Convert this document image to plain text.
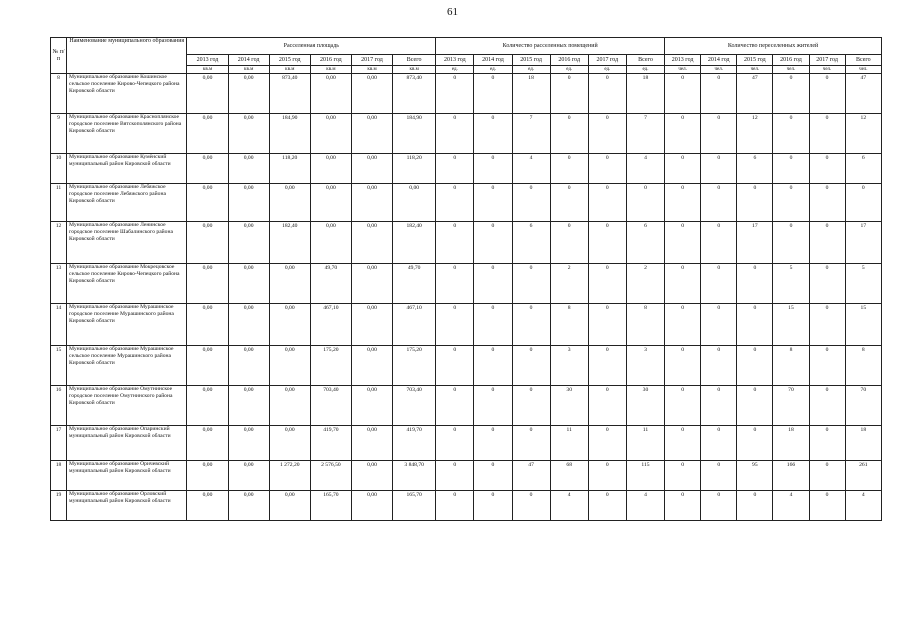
61
№ п/п	Наименование муниципального образования	Расселенная площадь						Количество расселенных помещений						Количество переселенных жителей					
		2013 год	2014 год	2015 год	2016 год	2017 год	Всего	2013 год	2014 год	2015 год	2016 год	2017 год	Всего	2013 год	2014 год	2015 год	2016 год	2017 год	Всего
		кв.м	кв.м	кв.м	кв.м	кв.м	кв.м	ед.	ед.	ед.	ед.	ед.	ед.	чел.	чел.	чел.	чел.	чел.	чел.
8	Муниципальное образование Кошинское сельское поселение Кирово-Чепецкого района Кировской области	0,00	0,00	873,40	0,00	0,00	873,40	0	0	18	0	0	18	0	0	47	0	0	47
9	Муниципальное образование Красноплянское городское поселение Вятскополянского района Кировской области	0,00	0,00	184,90	0,00	0,00	184,90	0	0	7	0	0	7	0	0	12	0	0	12
10	Муниципальное образование Кумёнский муниципальный район Кировской области	0,00	0,00	118,20	0,00	0,00	118,20	0	0	4	0	0	4	0	0	6	0	0	6
11	Муниципальное образование Лебяжское городское поселение Лебяжского района Кировской области	0,00	0,00	0,00	0,00	0,00	0,00	0	0	0	0	0	0	0	0	0	0	0	0
12	Муниципальное образование Ленинское городское поселение Шабалинского района Кировской области	0,00	0,00	182,40	0,00	0,00	182,40	0	0	6	0	0	6	0	0	17	0	0	17
13	Муниципальное образование Мокрецовское сельское поселение Кирово-Чепецкого района Кировской области	0,00	0,00	0,00	49,70	0,00	49,70	0	0	0	2	0	2	0	0	0	5	0	5
14	Муниципальное образование Мурашинское городское поселение Мурашинского района Кировской области	0,00	0,00	0,00	467,10	0,00	467,10	0	0	0	8	0	8	0	0	0	15	0	15
15	Муниципальное образование Мурашинское сельское поселение Мурашинского района Кировской области	0,00	0,00	0,00	175,20	0,00	175,20	0	0	0	3	0	3	0	0	0	8	0	8
16	Муниципальное образование Омутнинское городское поселение Омутнинского района Кировской области	0,00	0,00	0,00	703,40	0,00	703,40	0	0	0	30	0	30	0	0	0	70	0	70
17	Муниципальное образование Опаринский муниципальный район Кировской области	0,00	0,00	0,00	419,70	0,00	419,70	0	0	0	11	0	11	0	0	0	18	0	18
18	Муниципальное образование Оричевский муниципальный район Кировской области	0,00	0,00	1 272,20	2 576,50	0,00	3 848,70	0	0	47	68	0	115	0	0	95	166	0	261
19	Муниципальное образование Орловский муниципальный район Кировской области	0,00	0,00	0,00	165,70	0,00	165,70	0	0	0	4	0	4	0	0	0	4	0	4
